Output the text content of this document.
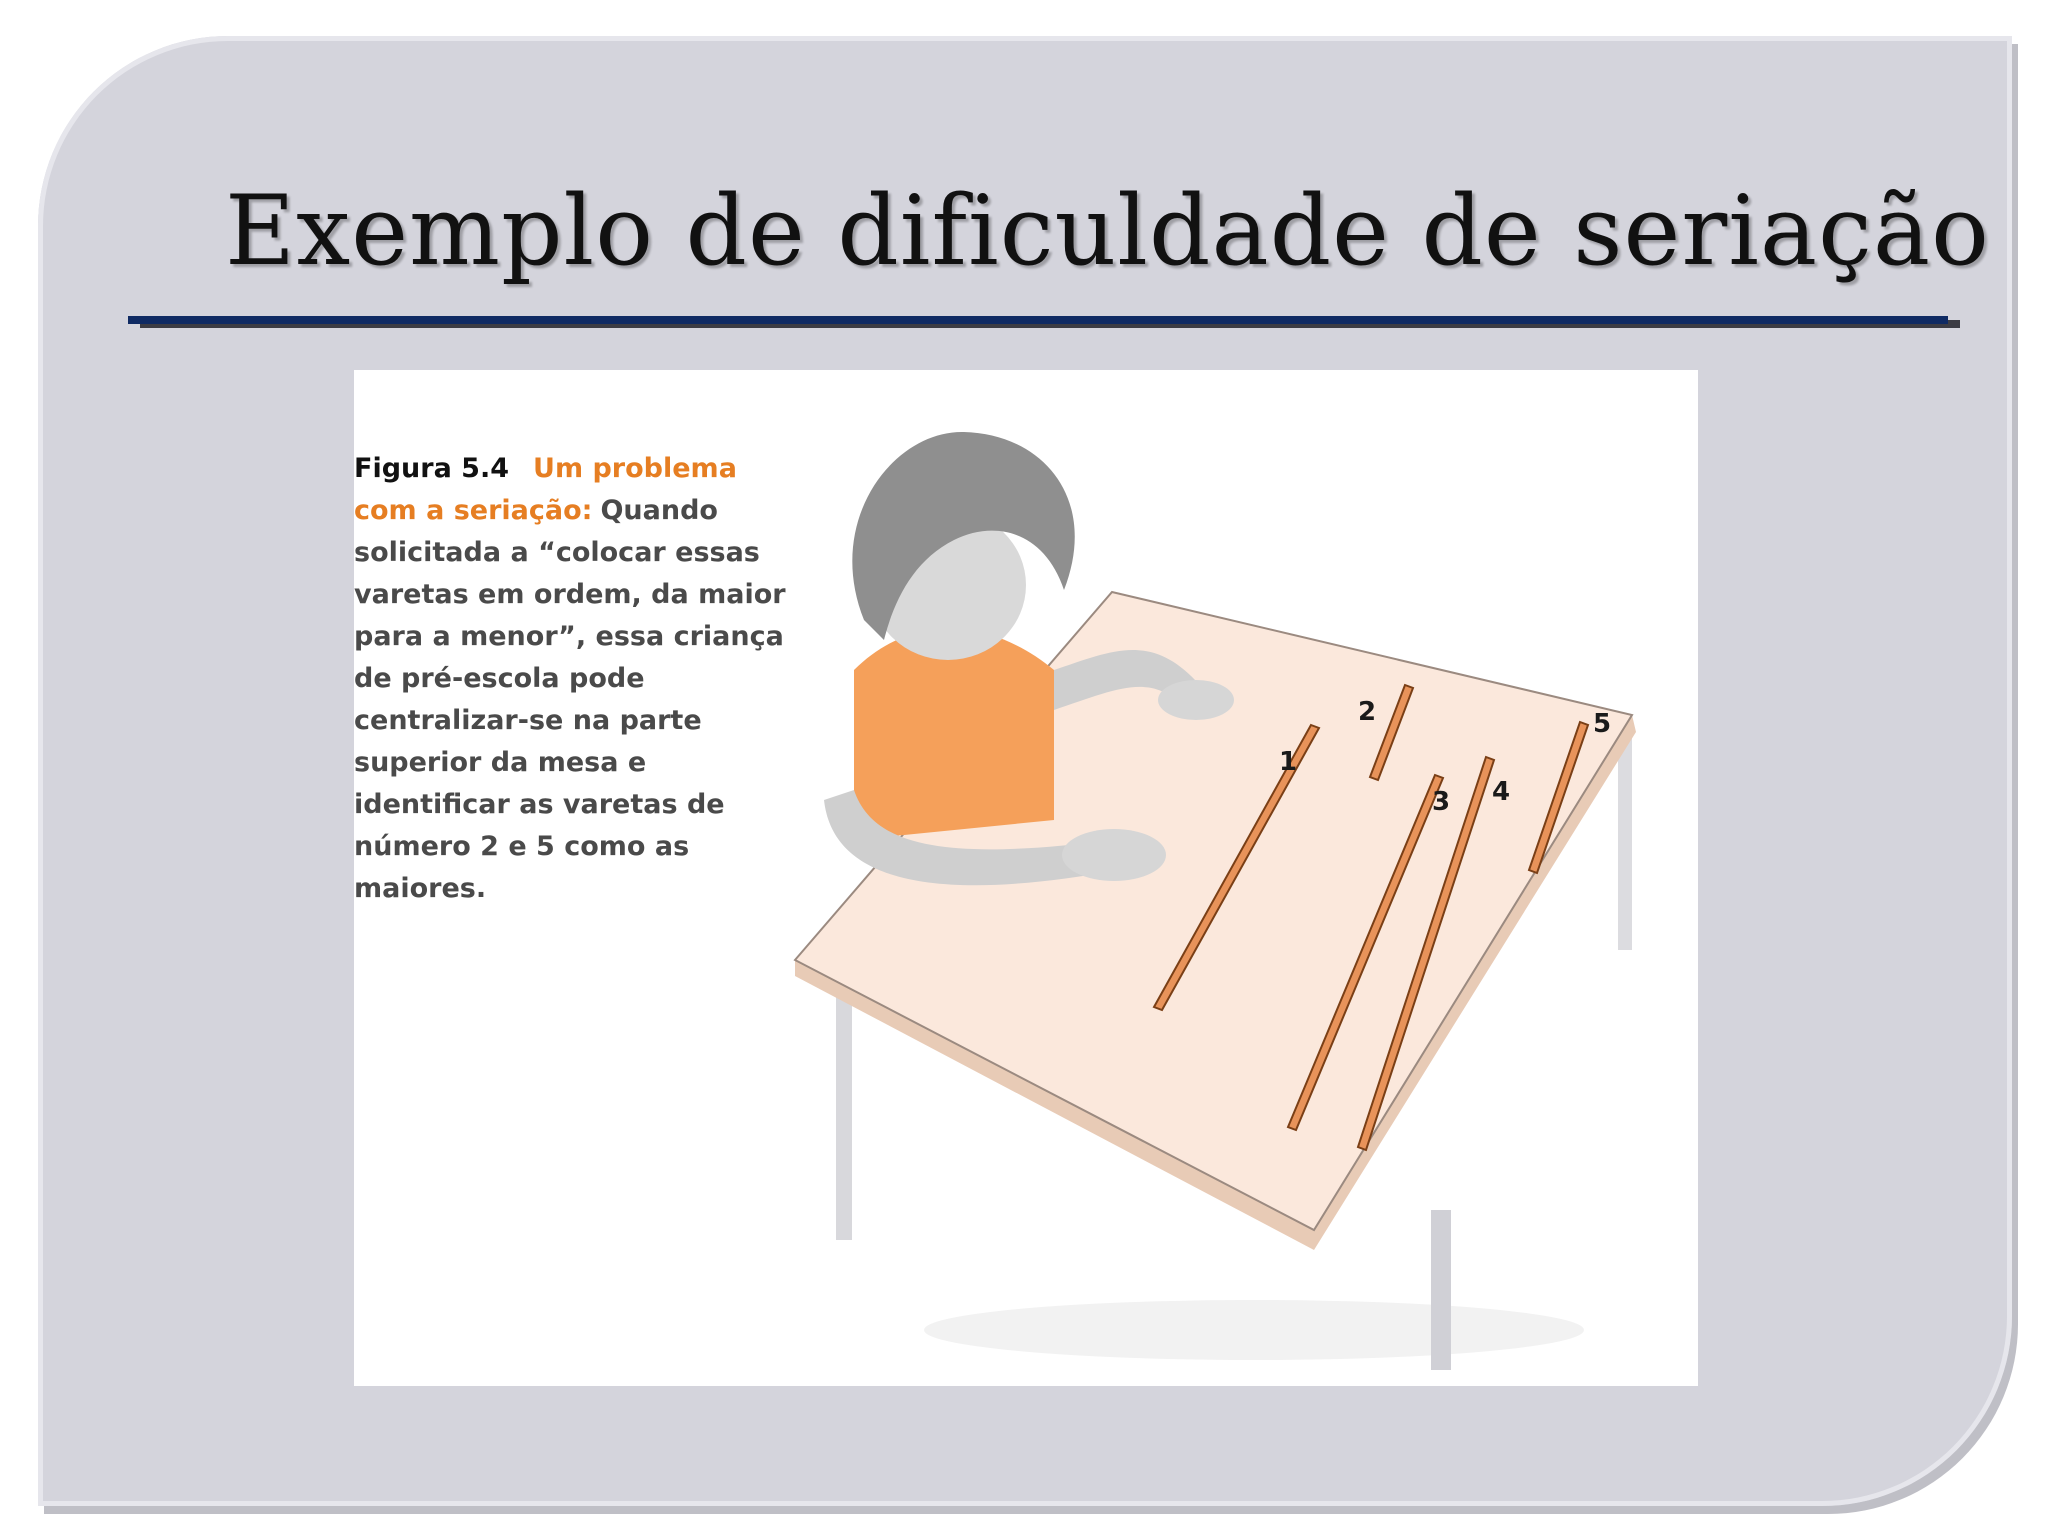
Exemplo de dificuldade de seriação
1
2
3 4
5

Figura 5.4 Um problema com a seriação: Quando solicitada a “colocar essas varetas em ordem, da maior para a menor”, essa criança de pré-escola pode centralizar-se na parte superior da mesa e identificar as varetas de número 2 e 5 como as maiores.
